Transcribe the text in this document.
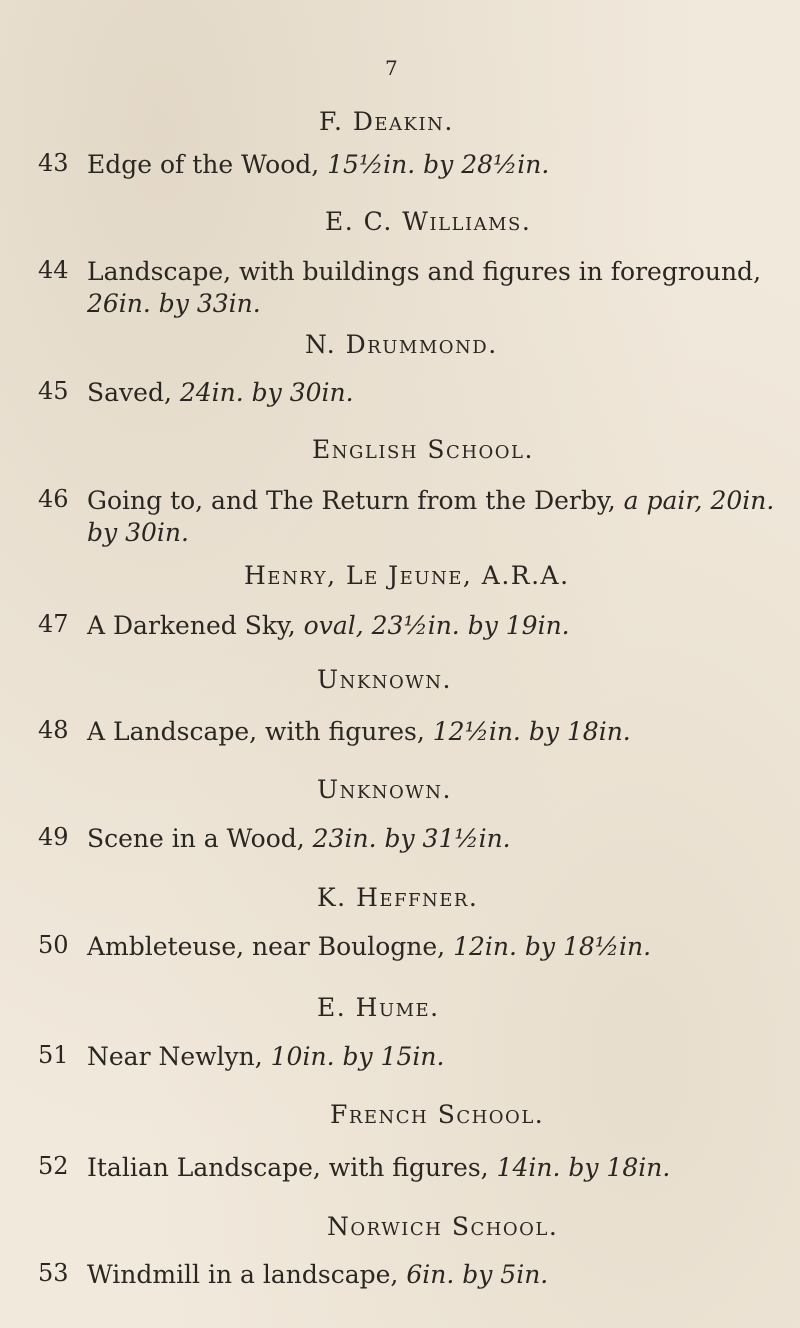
7
F. Deakin.
43 Edge of the Wood, 15½in. by 28½in.
E. C. Williams.
44 Landscape, with buildings and figures in foreground, 26in. by 33in.
N. Drummond.
45 Saved, 24in. by 30in.
English School.
46 Going to, and The Return from the Derby, a pair, 20in. by 30in.
Henry, Le Jeune, A.R.A.
47 A Darkened Sky, oval, 23½in. by 19in.
Unknown.
48 A Landscape, with figures, 12½in. by 18in.
Unknown.
49 Scene in a Wood, 23in. by 31½in.
K. Heffner.
50 Ambleteuse, near Boulogne, 12in. by 18½in.
E. Hume.
51 Near Newlyn, 10in. by 15in.
French School.
52 Italian Landscape, with figures, 14in. by 18in.
Norwich School.
53 Windmill in a landscape, 6in. by 5in.
